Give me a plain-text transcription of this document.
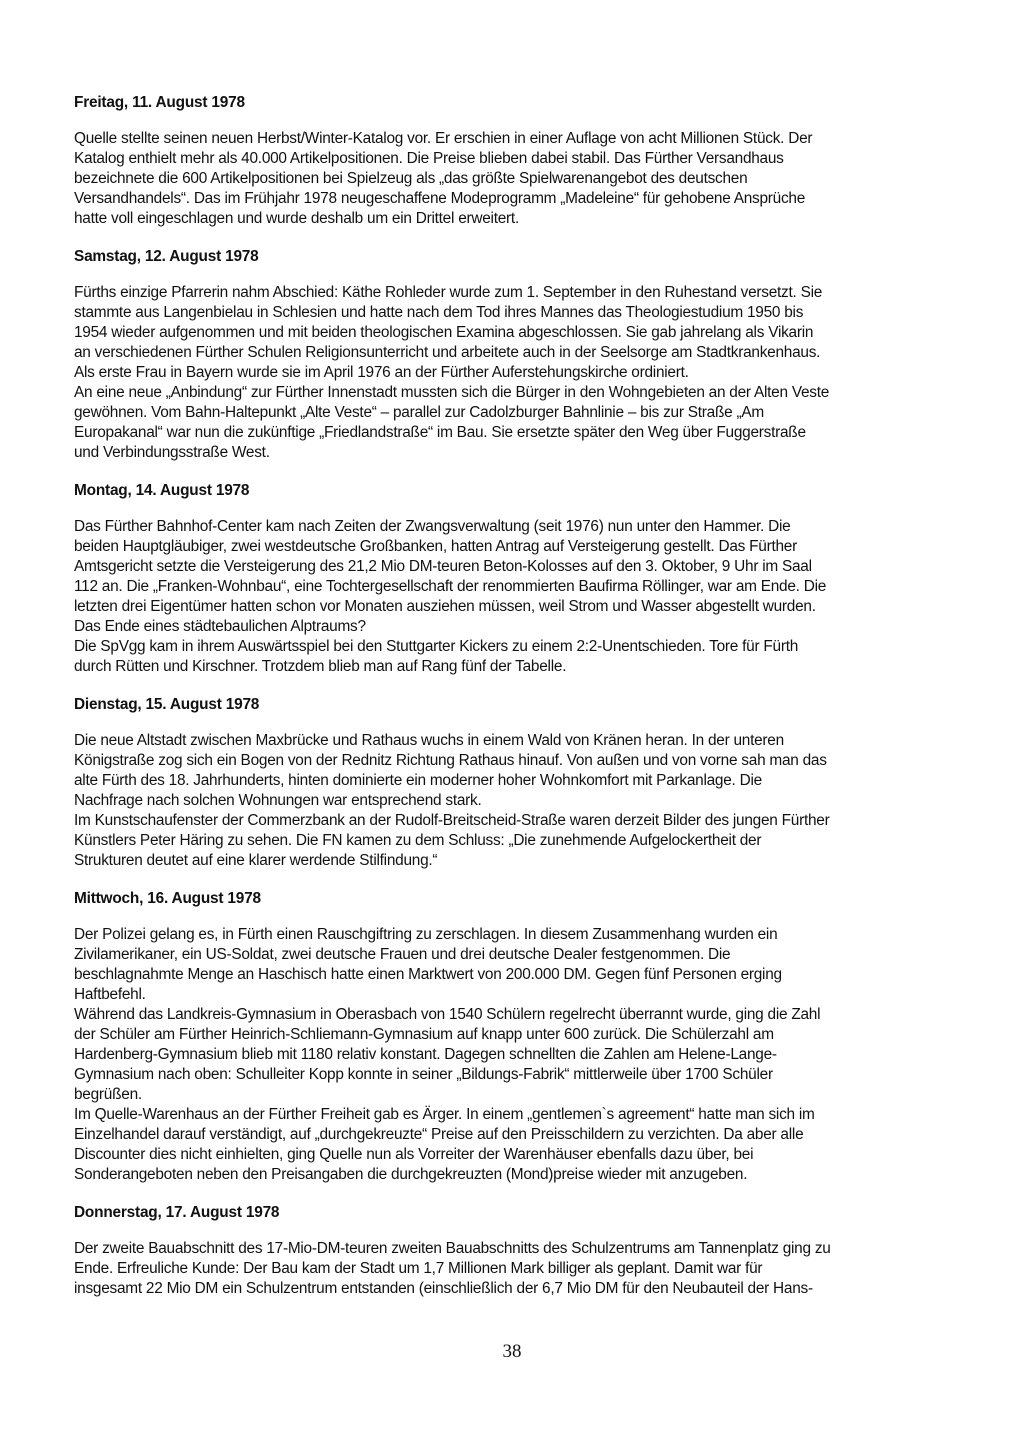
Freitag, 11. August 1978

Quelle stellte seinen neuen Herbst/Winter-Katalog vor. Er erschien in einer Auflage von acht Millionen Stück. Der
Katalog enthielt mehr als 40.000 Artikelpositionen. Die Preise blieben dabei stabil. Das Fürther Versandhaus
bezeichnete die 600 Artikelpositionen bei Spielzeug als „das größte Spielwarenangebot des deutschen
Versandhandels“. Das im Frühjahr 1978 neugeschaffene Modeprogramm „Madeleine“ für gehobene Ansprüche
hatte voll eingeschlagen und wurde deshalb um ein Drittel erweitert.

Samstag, 12. August 1978

Fürths einzige Pfarrerin nahm Abschied: Käthe Rohleder wurde zum 1. September in den Ruhestand versetzt. Sie
stammte aus Langenbielau in Schlesien und hatte nach dem Tod ihres Mannes das Theologiestudium 1950 bis
1954 wieder aufgenommen und mit beiden theologischen Examina abgeschlossen. Sie gab jahrelang als Vikarin
an verschiedenen Fürther Schulen Religionsunterricht und arbeitete auch in der Seelsorge am Stadtkrankenhaus.
Als erste Frau in Bayern wurde sie im April 1976 an der Fürther Auferstehungskirche ordiniert.
An eine neue „Anbindung“ zur Fürther Innenstadt mussten sich die Bürger in den Wohngebieten an der Alten Veste
gewöhnen. Vom Bahn-Haltepunkt „Alte Veste“ – parallel zur Cadolzburger Bahnlinie – bis zur Straße „Am
Europakanal“ war nun die zukünftige „Friedlandstraße“ im Bau. Sie ersetzte später den Weg über Fuggerstraße
und Verbindungsstraße West.

Montag, 14. August 1978

Das Fürther Bahnhof-Center kam nach Zeiten der Zwangsverwaltung (seit 1976) nun unter den Hammer. Die
beiden Hauptgläubiger, zwei westdeutsche Großbanken, hatten Antrag auf Versteigerung gestellt. Das Fürther
Amtsgericht setzte die Versteigerung des 21,2 Mio DM-teuren Beton-Kolosses auf den 3. Oktober, 9 Uhr im Saal
112 an. Die „Franken-Wohnbau“, eine Tochtergesellschaft der renommierten Baufirma Röllinger, war am Ende. Die
letzten drei Eigentümer hatten schon vor Monaten ausziehen müssen, weil Strom und Wasser abgestellt wurden.
Das Ende eines städtebaulichen Alptraums?
Die SpVgg kam in ihrem Auswärtsspiel bei den Stuttgarter Kickers zu einem 2:2-Unentschieden. Tore für Fürth
durch Rütten und Kirschner. Trotzdem blieb man auf Rang fünf der Tabelle.

Dienstag, 15. August 1978

Die neue Altstadt zwischen Maxbrücke und Rathaus wuchs in einem Wald von Kränen heran. In der unteren
Königstraße zog sich ein Bogen von der Rednitz Richtung Rathaus hinauf. Von außen und von vorne sah man das
alte Fürth des 18. Jahrhunderts, hinten dominierte ein moderner hoher Wohnkomfort mit Parkanlage. Die
Nachfrage nach solchen Wohnungen war entsprechend stark.
Im Kunstschaufenster der Commerzbank an der Rudolf-Breitscheid-Straße waren derzeit Bilder des jungen Fürther
Künstlers Peter Häring zu sehen. Die FN kamen zu dem Schluss: „Die zunehmende Aufgelockertheit der
Strukturen deutet auf eine klarer werdende Stilfindung.“

Mittwoch, 16. August 1978

Der Polizei gelang es, in Fürth einen Rauschgiftring zu zerschlagen. In diesem Zusammenhang wurden ein
Zivilamerikaner, ein US-Soldat, zwei deutsche Frauen und drei deutsche Dealer festgenommen. Die
beschlagnahmte Menge an Haschisch hatte einen Marktwert von 200.000 DM. Gegen fünf Personen erging
Haftbefehl.
Während das Landkreis-Gymnasium in Oberasbach von 1540 Schülern regelrecht überrannt wurde, ging die Zahl
der Schüler am Fürther Heinrich-Schliemann-Gymnasium auf knapp unter 600 zurück. Die Schülerzahl am
Hardenberg-Gymnasium blieb mit 1180 relativ konstant. Dagegen schnellten die Zahlen am Helene-Lange-
Gymnasium nach oben: Schulleiter Kopp konnte in seiner „Bildungs-Fabrik“ mittlerweile über 1700 Schüler
begrüßen.
Im Quelle-Warenhaus an der Fürther Freiheit gab es Ärger. In einem „gentlemen`s agreement“ hatte man sich im
Einzelhandel darauf verständigt, auf „durchgekreuzte“ Preise auf den Preisschildern zu verzichten. Da aber alle
Discounter dies nicht einhielten, ging Quelle nun als Vorreiter der Warenhäuser ebenfalls dazu über, bei
Sonderangeboten neben den Preisangaben die durchgekreuzten (Mond)preise wieder mit anzugeben.

Donnerstag, 17. August 1978

Der zweite Bauabschnitt des 17-Mio-DM-teuren zweiten Bauabschnitts des Schulzentrums am Tannenplatz ging zu
Ende. Erfreuliche Kunde: Der Bau kam der Stadt um 1,7 Millionen Mark billiger als geplant. Damit war für
insgesamt 22 Mio DM ein Schulzentrum entstanden (einschließlich der 6,7 Mio DM für den Neubauteil der Hans-

38
